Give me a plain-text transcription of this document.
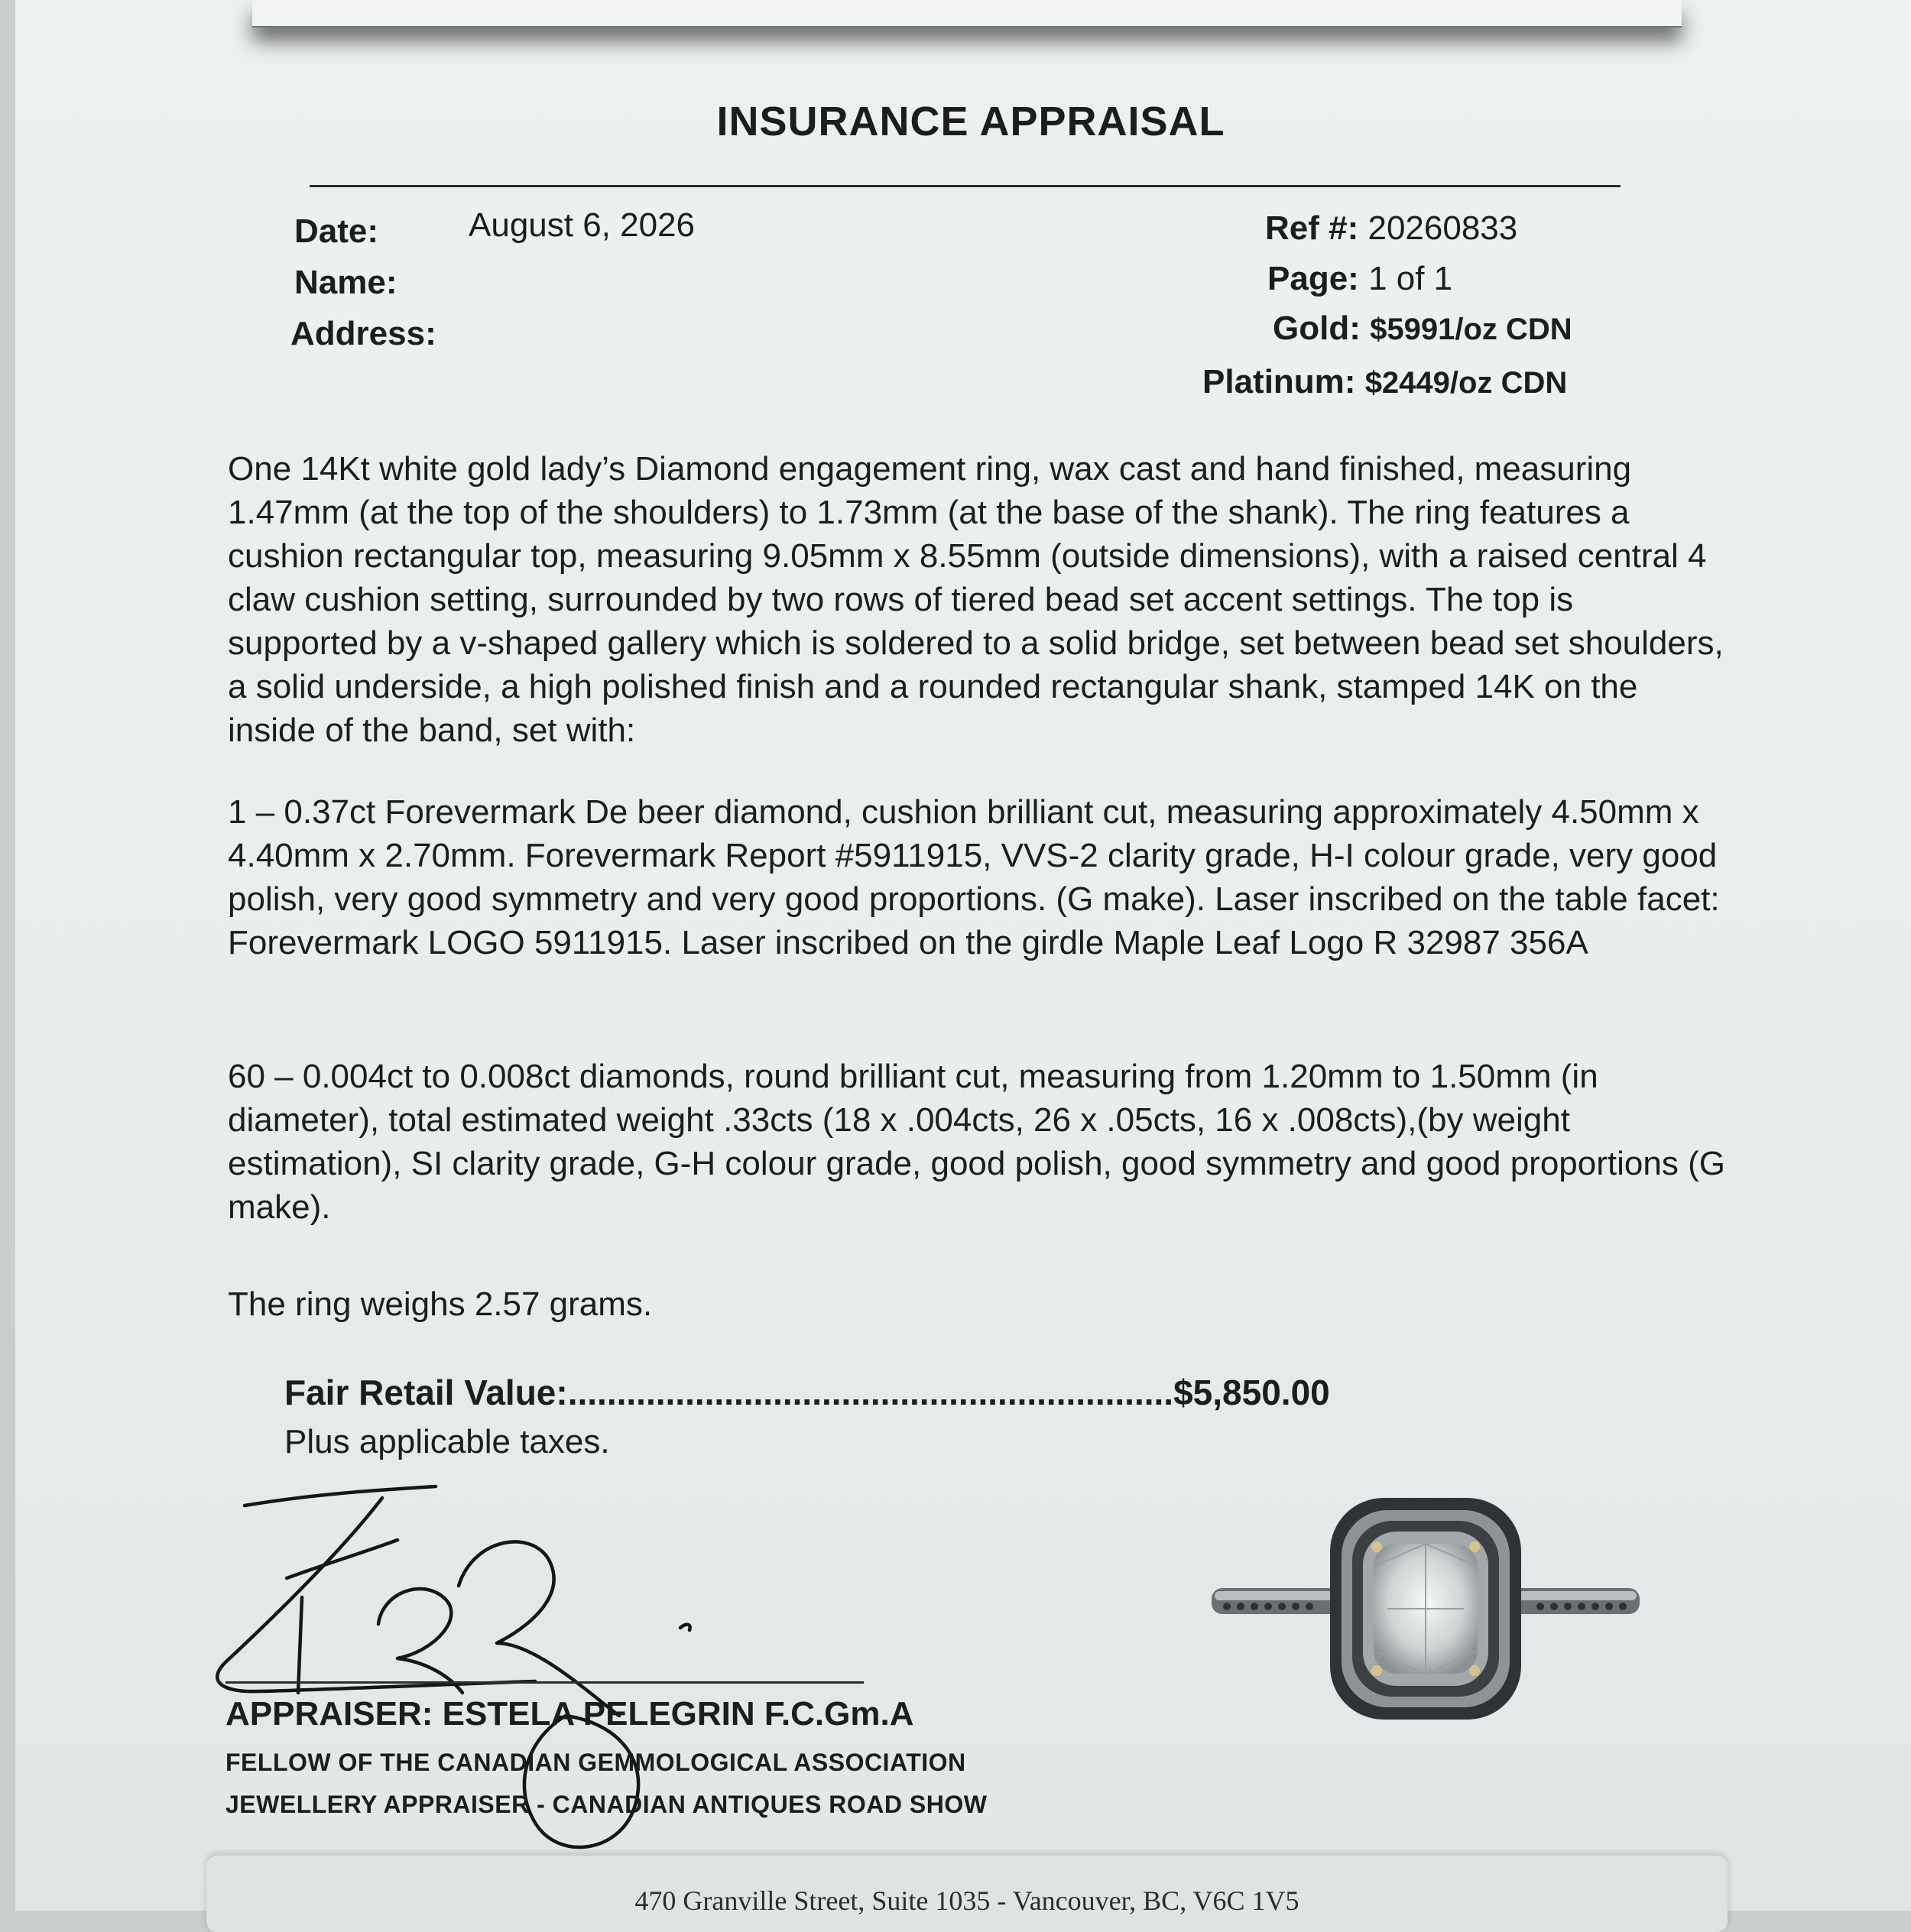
INSURANCE APPRAISAL
Date:	August 6, 2026
Name:
Address:
Ref #: 20260833
Page: 1 of 1
Gold: $5991/oz CDN
Platinum: $2449/oz CDN

One 14Kt white gold lady’s Diamond engagement ring, wax cast and hand finished, measuring 1.47mm (at the top of the shoulders) to 1.73mm (at the base of the shank). The ring features a cushion rectangular top, measuring 9.05mm x 8.55mm (outside dimensions), with a raised central 4 claw cushion setting, surrounded by two rows of tiered bead set accent settings. The top is supported by a v-shaped gallery which is soldered to a solid bridge, set between bead set shoulders, a solid underside, a high polished finish and a rounded rectangular shank, stamped 14K on the inside of the band, set with:

1 – 0.37ct Forevermark De beer diamond, cushion brilliant cut, measuring approximately 4.50mm x 4.40mm x 2.70mm. Forevermark Report #5911915, VVS-2 clarity grade, H-I colour grade, very good polish, very good symmetry and very good proportions. (G make). Laser inscribed on the table facet: Forevermark LOGO 5911915. Laser inscribed on the girdle Maple Leaf Logo R 32987 356A

60 – 0.004ct to 0.008ct diamonds, round brilliant cut, measuring from 1.20mm to 1.50mm (in diameter), total estimated weight .33cts (18 x .004cts, 26 x .05cts, 16 x .008cts),(by weight estimation), SI clarity grade, G-H colour grade, good polish, good symmetry and good proportions (G make).

The ring weighs 2.57 grams.

Fair Retail Value:..............................................................$5,850.00
Plus applicable taxes.
APPRAISER: ESTELA PELEGRIN F.C.Gm.A
FELLOW OF THE CANADIAN GEMMOLOGICAL ASSOCIATION
JEWELLERY APPRAISER - CANADIAN ANTIQUES ROAD SHOW
470 Granville Street, Suite 1035 - Vancouver, BC, V6C 1V5
